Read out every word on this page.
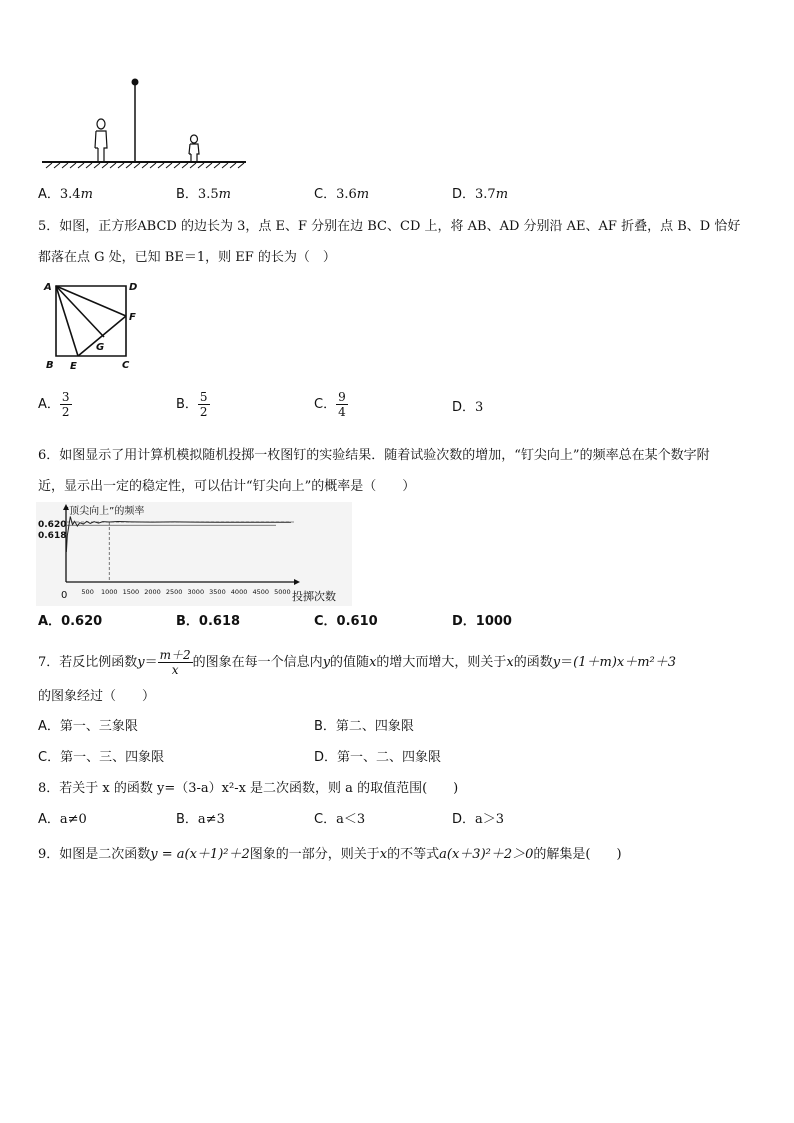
A．3.4m	B．3.5m	C．3.6m	D．3.7m
5．如图，正方形ABCD 的边长为 3，点 E、F 分别在边 BC、CD 上，将 AB、AD 分别沿 AE、AF 折叠，点 B、D 恰好
都落在点 G 处，已知 BE＝1，则 EF 的长为（　）
A	D
F
G
B E	C
A． $\frac{3}{2}$	B． $\frac{5}{2}$	C． $\frac{9}{4}$	D．3
6．如图显示了用计算机模拟随机投掷一枚图钉的实验结果．随着试验次数的增加，“钉尖向上”的频率总在某个数字附
近，显示出一定的稳定性，可以估计“钉尖向上”的概率是（　　）
“顶尖向上”的频率
0.620
0.618
0	投掷次数
500 1000 1500 2000 2500 3000 3500 4000 4500 5000
A．0.620	B．0.618	C．0.610	D．1000
7．若反比例函数$y= \frac{m+2}{x}$ 的图象在每一个信息内y的值随x的增大而增大，则关于x的函数y＝(1＋m)x＋m²＋3
的图象经过（　　）
A．第一、三象限	B．第二、四象限
C．第一、三、四象限	D．第一、二、四象限
8．若关于 x 的函数 y=（3-a）x²-x 是二次函数，则 a 的取值范围(　　)
A．a≠0	B．a≠3	C．a＜3	D．a＞3
9．如图是二次函数y = a(x＋1)²＋2图象的一部分，则关于x的不等式a(x＋3)²＋2＞0的解集是(　　)
